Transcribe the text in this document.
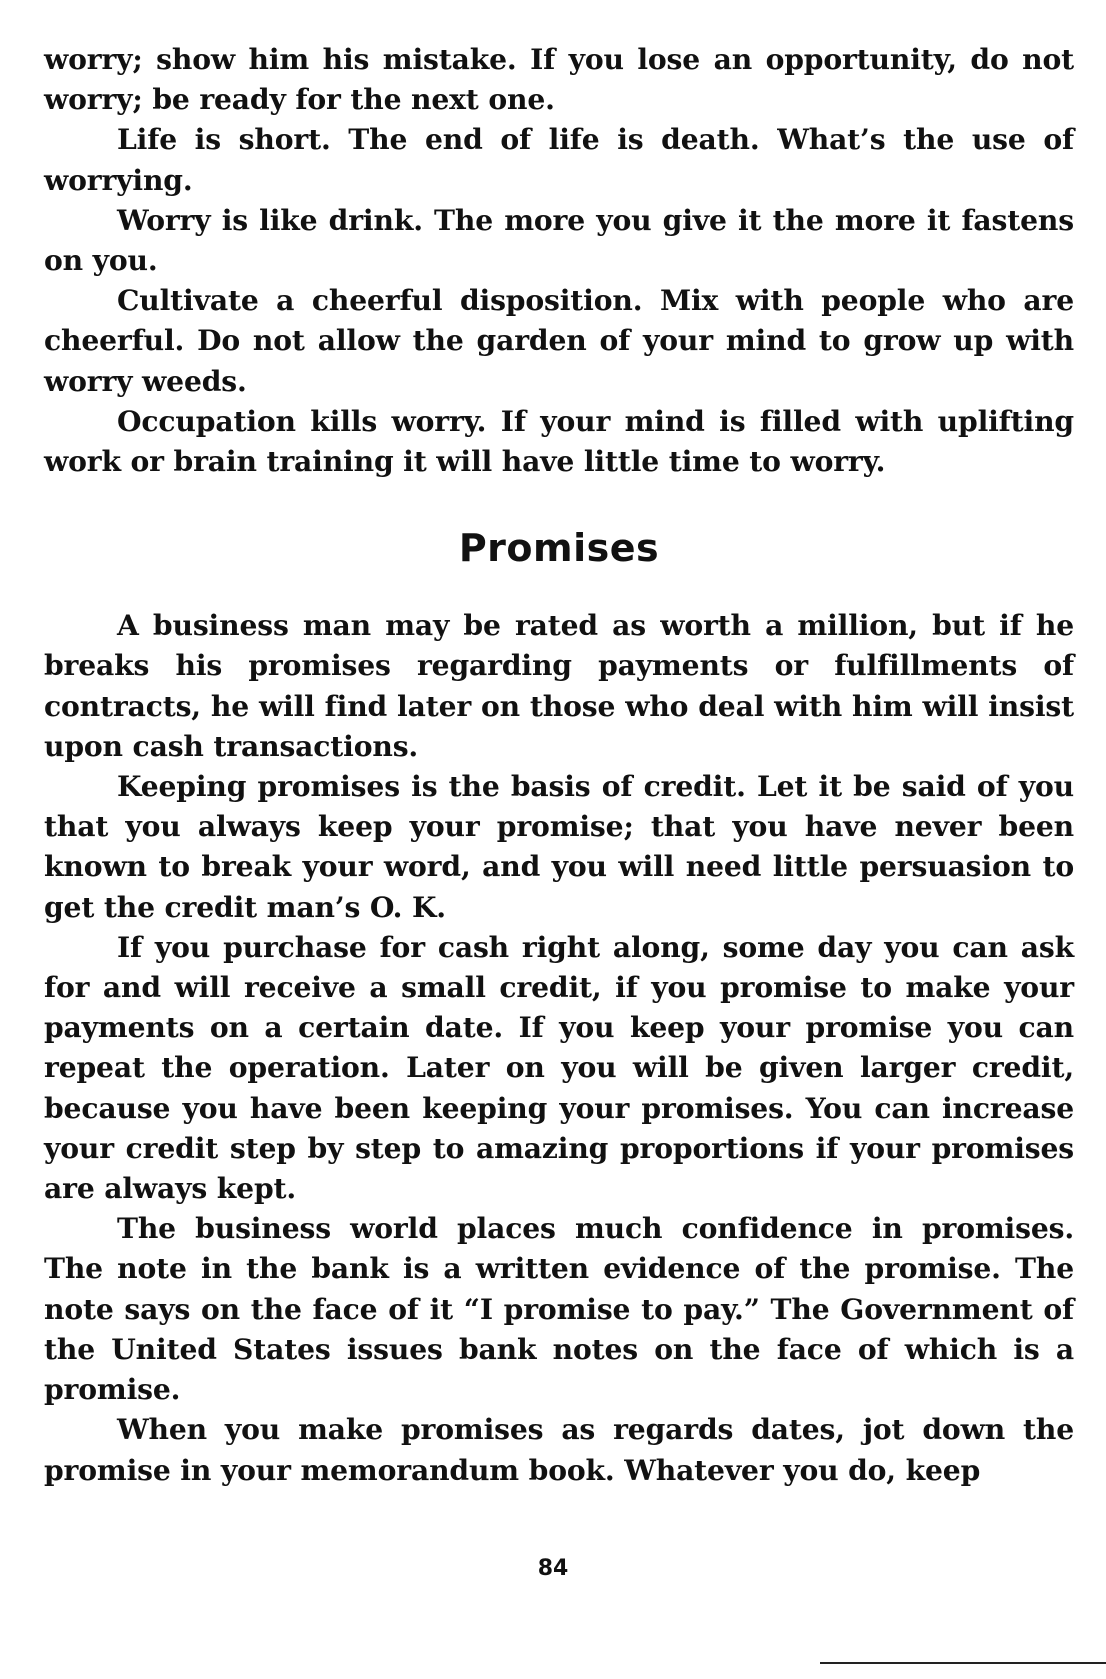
worry; show him his mistake. If you lose an opportunity, do not worry; be ready for the next one.

Life is short. The end of life is death. What’s the use of worrying.

Worry is like drink. The more you give it the more it fastens on you.

Cultivate a cheerful disposition. Mix with people who are cheerful. Do not allow the garden of your mind to grow up with worry weeds.

Occupation kills worry. If your mind is filled with uplifting work or brain training it will have little time to worry.

Promises

A business man may be rated as worth a million, but if he breaks his promises regarding payments or fulfillments of contracts, he will find later on those who deal with him will insist upon cash transactions.

Keeping promises is the basis of credit. Let it be said of you that you always keep your promise; that you have never been known to break your word, and you will need little persuasion to get the credit man’s O. K.

If you purchase for cash right along, some day you can ask for and will receive a small credit, if you promise to make your payments on a certain date. If you keep your promise you can repeat the operation. Later on you will be given larger credit, because you have been keeping your promises. You can increase your credit step by step to amazing proportions if your promises are always kept.

The business world places much confidence in promises. The note in the bank is a written evidence of the promise. The note says on the face of it “I promise to pay.” The Government of the United States issues bank notes on the face of which is a promise.

When you make promises as regards dates, jot down the promise in your memorandum book. Whatever you do, keep

84
